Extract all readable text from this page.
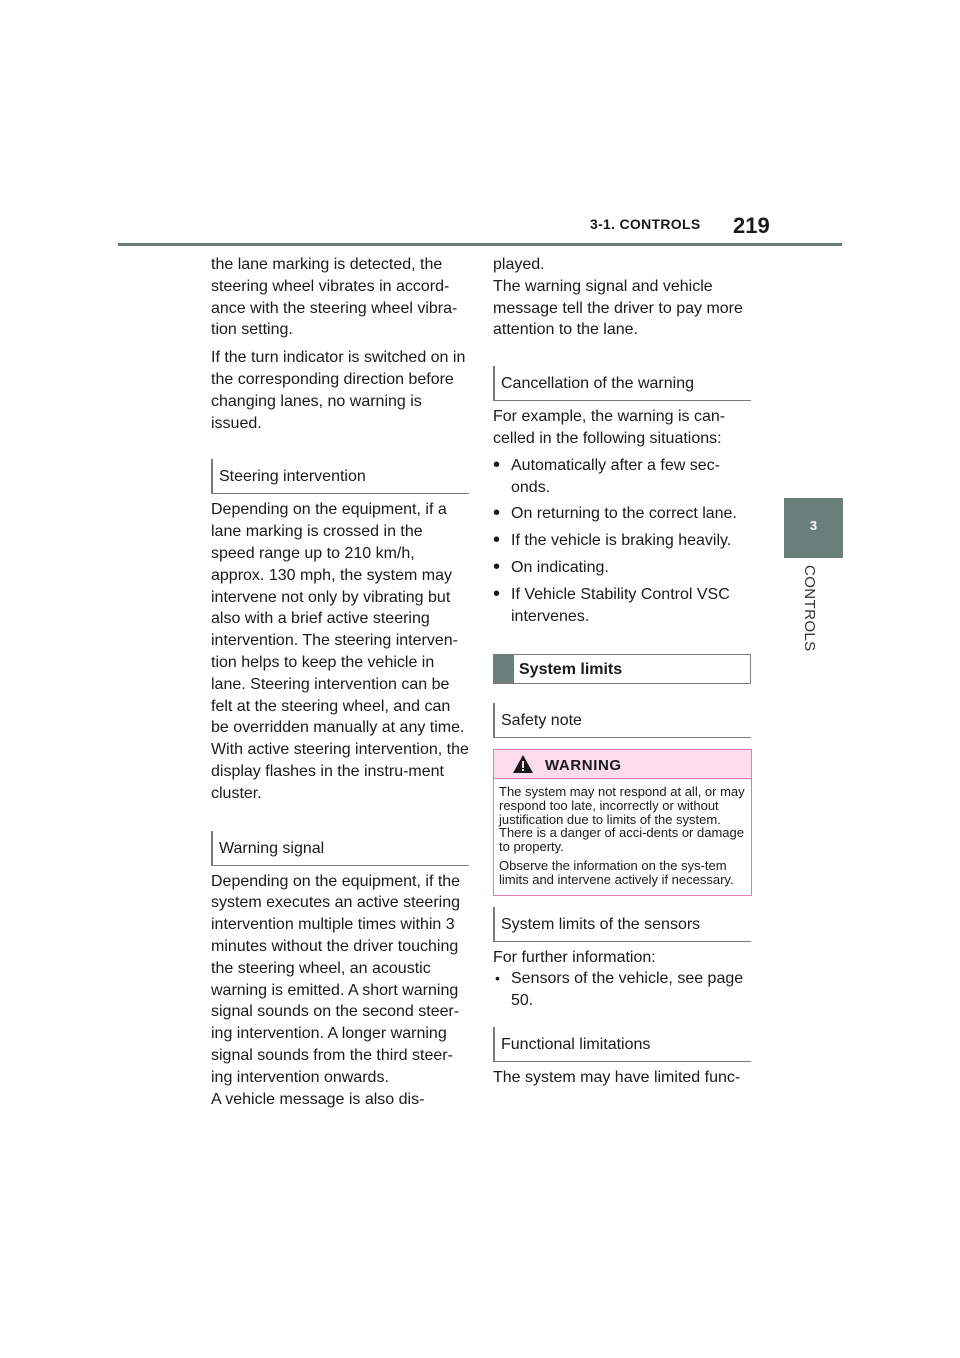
3-1. CONTROLS 219
3
CONTROLS

the lane marking is detected, the steering wheel vibrates in accord-ance with the steering wheel vibra-tion setting.

If the turn indicator is switched on in the corresponding direction before changing lanes, no warning is issued.

Steering intervention

Depending on the equipment, if a lane marking is crossed in the speed range up to 210 km/h, approx. 130 mph, the system may intervene not only by vibrating but also with a brief active steering intervention. The steering interven-tion helps to keep the vehicle in lane. Steering intervention can be felt at the steering wheel, and can be overridden manually at any time. With active steering intervention, the display flashes in the instru-ment cluster.

Warning signal

Depending on the equipment, if the system executes an active steering intervention multiple times within 3 minutes without the driver touching the steering wheel, an acoustic warning is emitted. A short warning signal sounds on the second steer-ing intervention. A longer warning signal sounds from the third steer-ing intervention onwards.

A vehicle message is also dis-

played.

The warning signal and vehicle message tell the driver to pay more attention to the lane.

Cancellation of the warning

For example, the warning is can-celled in the following situations:

• Automatically after a few sec-onds.
• On returning to the correct lane.
• If the vehicle is braking heavily.
• On indicating.
• If Vehicle Stability Control VSC intervenes.
System limits
Safety note
WARNING

The system may not respond at all, or may respond too late, incorrectly or without justification due to limits of the system. There is a danger of acci-dents or damage to property.

Observe the information on the sys-tem limits and intervene actively if necessary.

System limits of the sensors

For further information:

• Sensors of the vehicle, see page 50.
Functional limitations

The system may have limited func-
